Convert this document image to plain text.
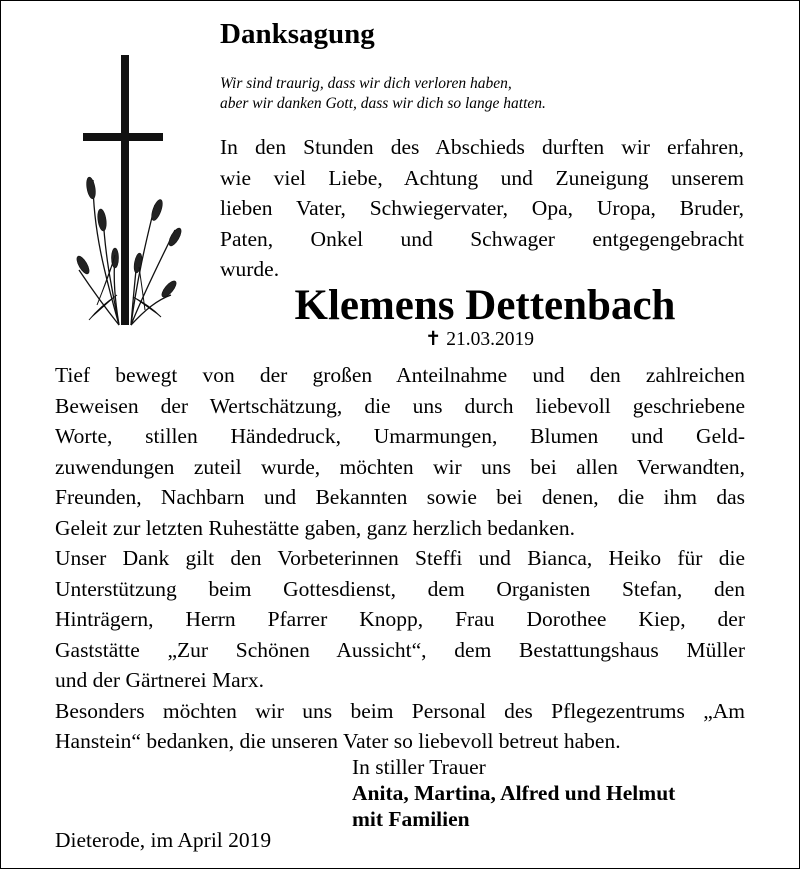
Danksagung
Wir sind traurig, dass wir dich verloren haben,
aber wir danken Gott, dass wir dich so lange hatten.
In den Stunden des Abschieds durften wir erfahren,
wie viel Liebe, Achtung und Zuneigung unserem
lieben Vater, Schwiegervater, Opa, Uropa, Bruder,
Paten, Onkel und Schwager entgegengebracht
wurde.
Klemens Dettenbach
✝ 21.03.2019
Tief bewegt von der großen Anteilnahme und den zahlreichen
Beweisen der Wertschätzung, die uns durch liebevoll geschriebene
Worte, stillen Händedruck, Umarmungen, Blumen und Geld-
zuwendungen zuteil wurde, möchten wir uns bei allen Verwandten,
Freunden, Nachbarn und Bekannten sowie bei denen, die ihm das
Geleit zur letzten Ruhestätte gaben, ganz herzlich bedanken.
Unser Dank gilt den Vorbeterinnen Steffi und Bianca, Heiko für die
Unterstützung beim Gottesdienst, dem Organisten Stefan, den
Hinträgern, Herrn Pfarrer Knopp, Frau Dorothee Kiep, der
Gaststätte „Zur Schönen Aussicht“, dem Bestattungshaus Müller
und der Gärtnerei Marx.
Besonders möchten wir uns beim Personal des Pflegezentrums „Am
Hanstein“ bedanken, die unseren Vater so liebevoll betreut haben.
In stiller Trauer
Anita, Martina, Alfred und Helmut
mit Familien
Dieterode, im April 2019
